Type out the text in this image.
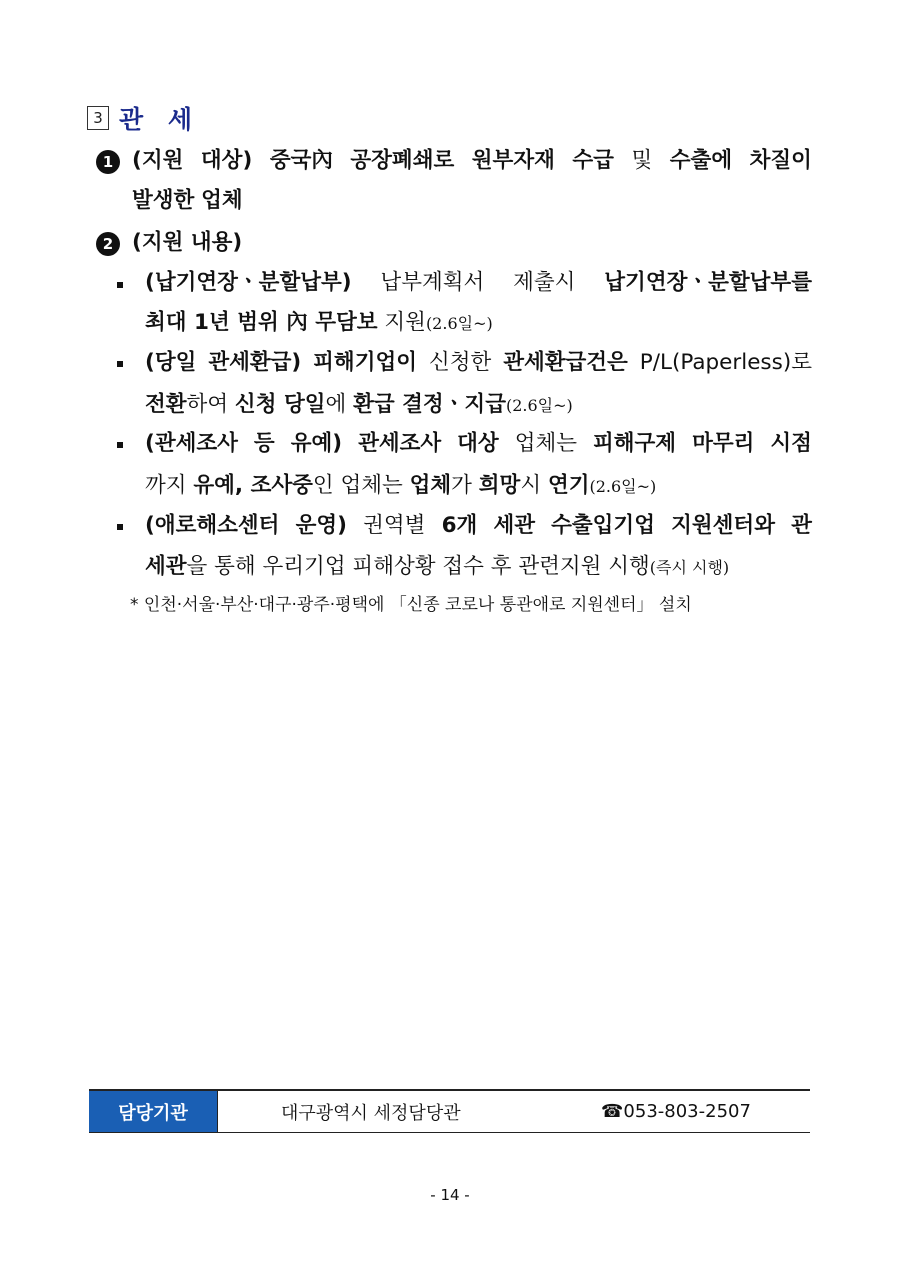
3 관 세
1 (지원 대상) 중국內 공장폐쇄로 원부자재 수급 및 수출에 차질이
발생한 업체
2 (지원 내용)
(납기연장ㆍ분할납부) 납부계획서 제출시 납기연장ㆍ분할납부를
최대 1년 범위 內 무담보 지원(2.6일~)
(당일 관세환급) 피해기업이 신청한 관세환급건은 P/L(Paperless)로
전환하여 신청 당일에 환급 결정ㆍ지급(2.6일~)
(관세조사 등 유예) 관세조사 대상 업체는 피해구제 마무리 시점
까지 유예, 조사중인 업체는 업체가 희망시 연기(2.6일~)
(애로해소센터 운영) 권역별 6개 세관 수출입기업 지원센터와 관
세관을 통해 우리기업 피해상황 접수 후 관련지원 시행(즉시 시행)
* 인천·서울·부산·대구·광주·평택에 「신종 코로나 통관애로 지원센터」 설치
담당기관	대구광역시 세정담당관	☎053-803-2507
- 14 -
